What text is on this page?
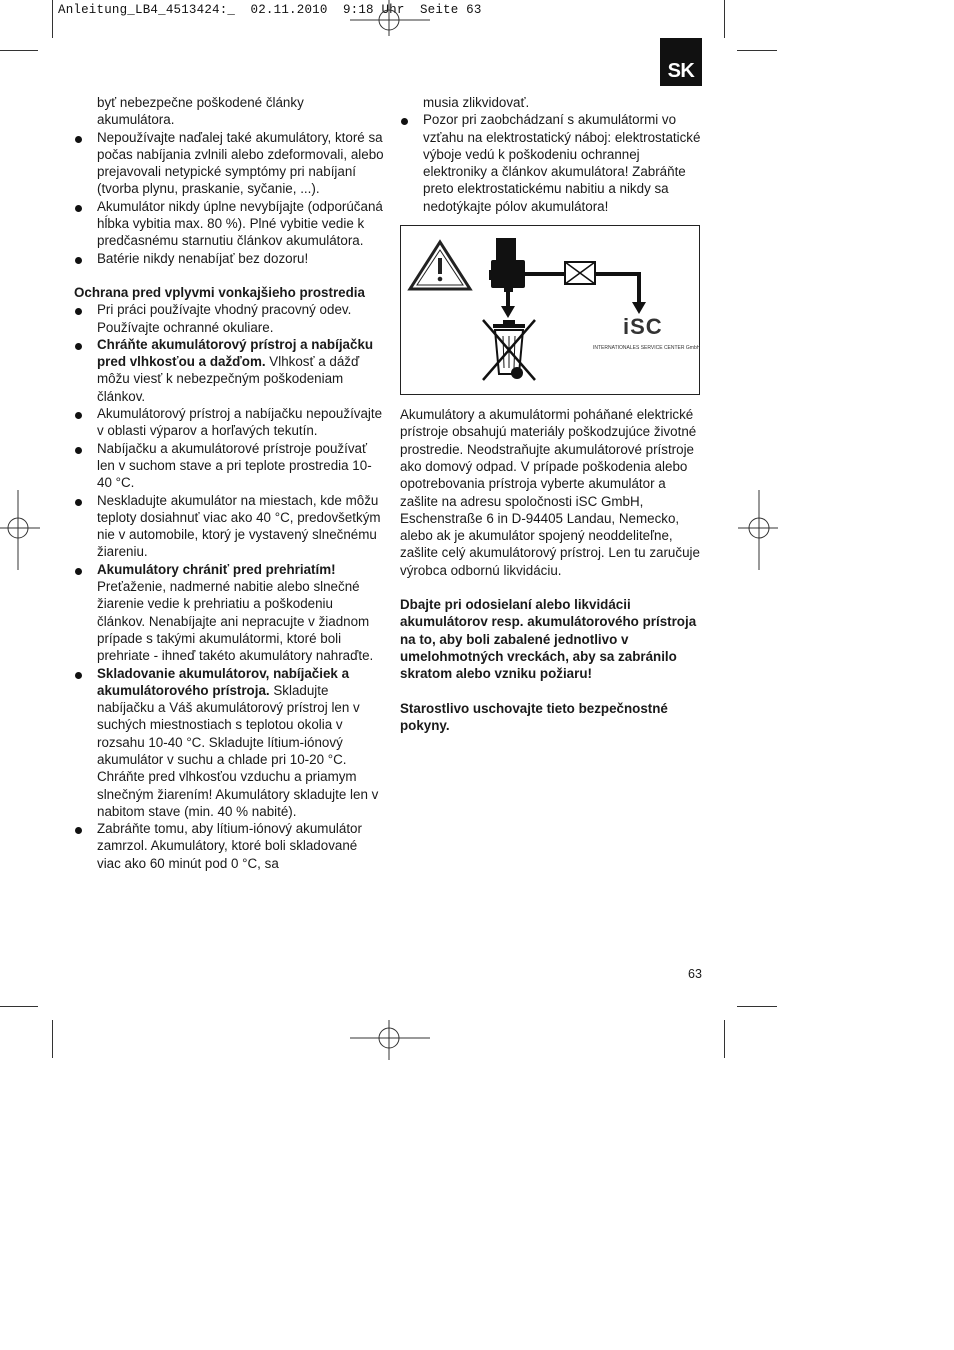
Anleitung_LB4_4513424:_  02.11.2010  9:18 Uhr  Seite 63
SK
byť nebezpečne poškodené články akumulátora.
Nepoužívajte naďalej také akumulátory, ktoré sa počas nabíjania zvlnili alebo zdeformovali, alebo prejavovali netypické symptómy pri nabíjaní (tvorba plynu, praskanie, syčanie, ...).
Akumulátor nikdy úplne nevybíjajte (odporúčaná hĺbka vybitia max. 80 %). Plné vybitie vedie k predčasnému starnutiu článkov akumulátora.
Batérie nikdy nenabíjať bez dozoru!
Ochrana pred vplyvmi vonkajšieho prostredia
Pri práci používajte vhodný pracovný odev. Používajte ochranné okuliare.
Chráňte akumulátorový prístroj a nabíjačku pred vlhkosťou a dažďom. Vlhkosť a dážď môžu viesť k nebezpečným poškodeniam článkov.
Akumulátorový prístroj a nabíjačku nepoužívajte v oblasti výparov a horľavých tekutín.
Nabíjačku a akumulátorové prístroje používať len v suchom stave a pri teplote prostredia 10-40 °C.
Neskladujte akumulátor na miestach, kde môžu teploty dosiahnuť viac ako 40 °C, predovšetkým nie v automobile, ktorý je vystavený slnečnému žiareniu.
Akumulátory chrániť pred prehriatím! Preťaženie, nadmerné nabitie alebo slnečné žiarenie vedie k prehriatiu a poškodeniu článkov. Nenabíjajte ani nepracujte v žiadnom prípade s takými akumulátormi, ktoré boli prehriate - ihneď takéto akumulátory nahraďte.
Skladovanie akumulátorov, nabíjačiek a akumulátorového prístroja. Skladujte nabíjačku a Váš akumulátorový prístroj len v suchých miestnostiach s teplotou okolia v rozsahu 10-40 °C. Skladujte lítium-iónový akumulátor v suchu a chlade pri 10-20 °C. Chráňte pred vlhkosťou vzduchu a priamym slnečným žiarením! Akumulátory skladujte len v nabitom stave (min. 40 % nabité).
Zabráňte tomu, aby lítium-iónový akumulátor zamrzol. Akumulátory, ktoré boli skladované viac ako 60 minút pod 0 °C, sa
musia zlikvidovať.
Pozor pri zaobchádzaní s akumulátormi vo vzťahu na elektrostatický náboj: elektrostatické výboje vedú k poškodeniu ochrannej elektroniky a článkov akumulátora! Zabráňte preto elektrostatickému nabitiu a nikdy sa nedotýkajte pólov akumulátora!
iSC
INTERNATIONALES SERVICE CENTER GmbH
Akumulátory a akumulátormi poháňané elektrické prístroje obsahujú materiály poškodzujúce životné prostredie. Neodstraňujte akumulátorové prístroje ako domový odpad. V prípade poškodenia alebo opotrebovania prístroja vyberte akumulátor a zašlite na adresu spoločnosti iSC GmbH, Eschenstraße 6 in D-94405 Landau, Nemecko, alebo ak je akumulátor spojený neoddeliteľne, zašlite celý akumulátorový prístroj. Len tu zaručuje výrobca odbornú likvidáciu.
Dbajte pri odosielaní alebo likvidácii akumulátorov resp. akumulátorového prístroja na to, aby boli zabalené jednotlivo v umelohmotných vreckách, aby sa zabránilo skratom alebo vzniku požiaru!
Starostlivo uschovajte tieto bezpečnostné pokyny.
63
